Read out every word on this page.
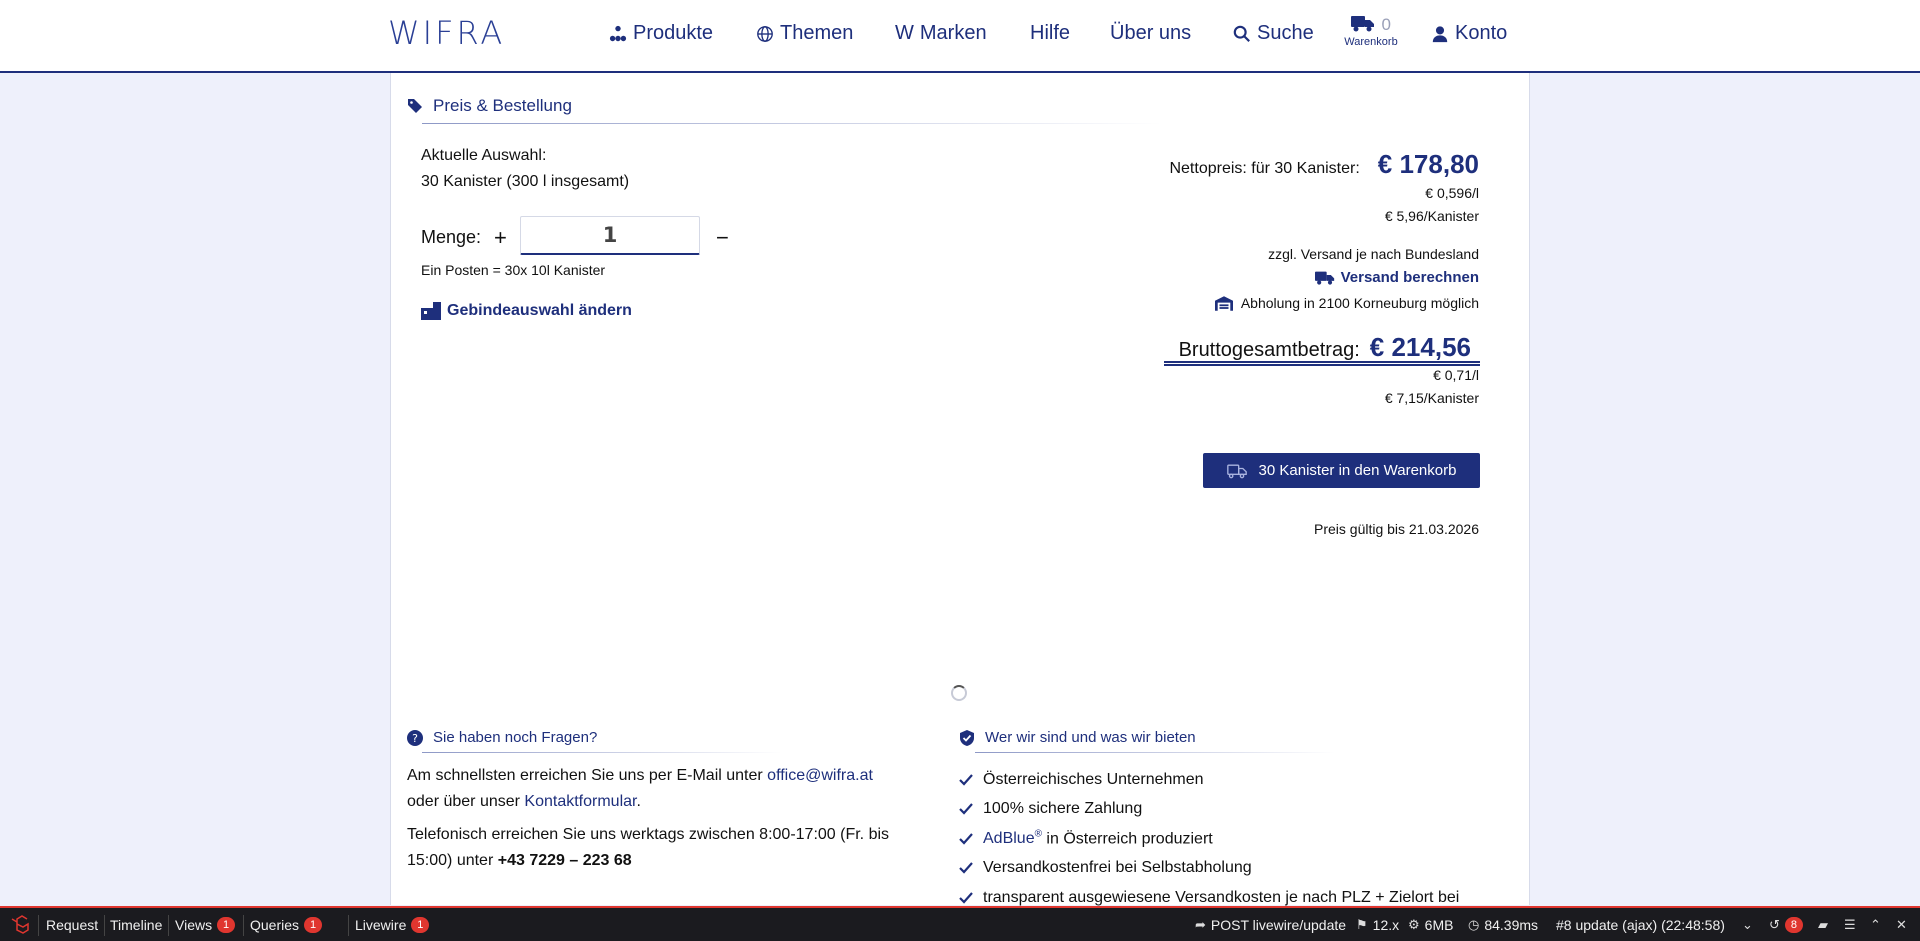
WIFRA	Produkte	Themen W Marken Hilfe Über uns	Suche	0
Warenkorb	Konto
Preis & Bestellung
Aktuelle Auswahl:
30 Kanister (300 l insgesamt)
Menge: +
1	−
Ein Posten = 30x 10l Kanister
Gebindeauswahl ändern
Nettopreis: für 30 Kanister: € 178,80
€ 0,596/l
€ 5,96/Kanister
zzgl. Versand je nach Bundesland
Versand berechnen
Abholung in 2100 Korneuburg möglich
Bruttogesamtbetrag: € 214,56
€ 0,71/l
€ 7,15/Kanister
30 Kanister in den Warenkorb
Preis gültig bis 21.03.2026
? Sie haben noch Fragen?
Am schnellsten erreichen Sie uns per E-Mail unter office@wifra.at
oder über unser Kontaktformular.
Telefonisch erreichen Sie uns werktags zwischen 8:00-17:00 (Fr. bis
15:00) unter +43 7229 – 223 68
Wer wir sind und was wir bieten
Österreichisches Unternehmen
100% sichere Zahlung
AdBlue® in Österreich produziert
Versandkostenfrei bei Selbstabholung
transparent ausgewiesene Versandkosten je nach PLZ + Zielort bei
Request Timeline Views 1	Queries 1	Livewire 1	➦ POST livewire/update ⚑ 12.x ⚙ 6MB ◷ 84.39ms #8 update (ajax) (22:48:58) ⌄ ↺ 8	▰ ☰ ⌃ ✕
